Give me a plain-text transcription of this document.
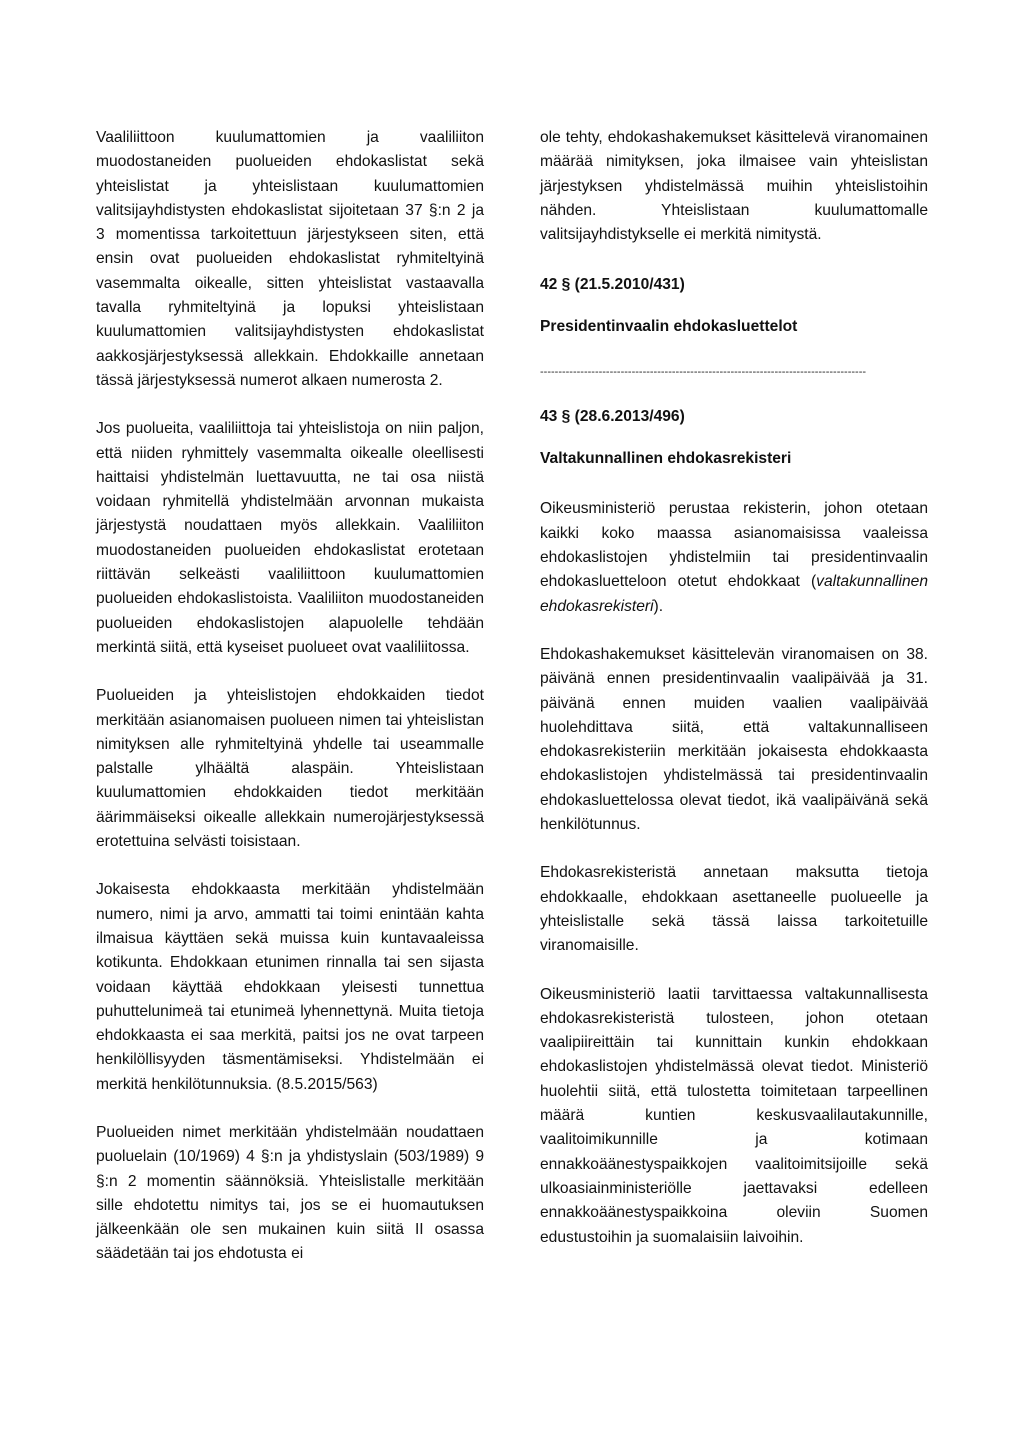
Vaaliliittoon kuulumattomien ja vaaliliiton muodostaneiden puolueiden ehdokaslistat sekä yhteislistat ja yhteislistaan kuulumattomien valitsijayhdistysten ehdokaslistat sijoitetaan 37 §:n 2 ja 3 momentissa tarkoitettuun järjestykseen siten, että ensin ovat puolueiden ehdokaslistat ryhmiteltyinä vasemmalta oikealle, sitten yhteislistat vastaavalla tavalla ryhmiteltyinä ja lopuksi yhteislistaan kuulumattomien valitsijayhdistysten ehdokaslistat aakkosjärjestyksessä allekkain. Ehdokkaille annetaan tässä järjestyksessä numerot alkaen numerosta 2.

Jos puolueita, vaaliliittoja tai yhteislistoja on niin paljon, että niiden ryhmittely vasemmalta oikealle oleellisesti haittaisi yhdistelmän luettavuutta, ne tai osa niistä voidaan ryhmitellä yhdistelmään arvonnan mukaista järjestystä noudattaen myös allekkain. Vaaliliiton muodostaneiden puolueiden ehdokaslistat erotetaan riittävän selkeästi vaaliliittoon kuulumattomien puolueiden ehdokaslistoista. Vaaliliiton muodostaneiden puolueiden ehdokaslistojen alapuolelle tehdään merkintä siitä, että kyseiset puolueet ovat vaaliliitossa.

Puolueiden ja yhteislistojen ehdokkaiden tiedot merkitään asianomaisen puolueen nimen tai yhteislistan nimityksen alle ryhmiteltyinä yhdelle tai useammalle palstalle ylhäältä alaspäin. Yhteislistaan kuulumattomien ehdokkaiden tiedot merkitään äärimmäiseksi oikealle allekkain numerojärjestyksessä erotettuina selvästi toisistaan.

Jokaisesta ehdokkaasta merkitään yhdistelmään numero, nimi ja arvo, ammatti tai toimi enintään kahta ilmaisua käyttäen sekä muissa kuin kuntavaaleissa kotikunta. Ehdokkaan etunimen rinnalla tai sen sijasta voidaan käyttää ehdokkaan yleisesti tunnettua puhuttelunimeä tai etunimeä lyhennettynä. Muita tietoja ehdokkaasta ei saa merkitä, paitsi jos ne ovat tarpeen henkilöllisyyden täsmentämiseksi. Yhdistelmään ei merkitä henkilötunnuksia. (8.5.2015/563)

Puolueiden nimet merkitään yhdistelmään noudattaen puoluelain (10/1969) 4 §:n ja yhdistyslain (503/1989) 9 §:n 2 momentin säännöksiä. Yhteislistalle merkitään sille ehdotettu nimitys tai, jos se ei huomautuksen jälkeenkään ole sen mukainen kuin siitä II osassa säädetään tai jos ehdotusta ei

ole tehty, ehdokashakemukset käsittelevä viranomainen määrää nimityksen, joka ilmaisee vain yhteislistan järjestyksen yhdistelmässä muihin yhteislistoihin nähden. Yhteislistaan kuulumattomalle valitsijayhdistykselle ei merkitä nimitystä.

42 § (21.5.2010/431)
Presidentinvaalin ehdokasluettelot
-----------------------------------------------------------------------------------------
43 § (28.6.2013/496)
Valtakunnallinen ehdokasrekisteri

Oikeusministeriö perustaa rekisterin, johon otetaan kaikki koko maassa asianomaisissa vaaleissa ehdokaslistojen yhdistelmiin tai presidentinvaalin ehdokasluetteloon otetut ehdokkaat (valtakunnallinen ehdokasrekisteri).

Ehdokashakemukset käsittelevän viranomaisen on 38. päivänä ennen presidentinvaalin vaalipäivää ja 31. päivänä ennen muiden vaalien vaalipäivää huolehdittava siitä, että valtakunnalliseen ehdokasrekisteriin merkitään jokaisesta ehdokkaasta ehdokaslistojen yhdistelmässä tai presidentinvaalin ehdokasluettelossa olevat tiedot, ikä vaalipäivänä sekä henkilötunnus.

Ehdokasrekisteristä annetaan maksutta tietoja ehdokkaalle, ehdokkaan asettaneelle puolueelle ja yhteislistalle sekä tässä laissa tarkoitetuille viranomaisille.

Oikeusministeriö laatii tarvittaessa valtakunnallisesta ehdokasrekisteristä tulosteen, johon otetaan vaalipiireittäin tai kunnittain kunkin ehdokkaan ehdokaslistojen yhdistelmässä olevat tiedot. Ministeriö huolehtii siitä, että tulostetta toimitetaan tarpeellinen määrä kuntien keskusvaalilautakunnille, vaalitoimikunnille ja kotimaan ennakkoäänestyspaikkojen vaalitoimitsijoille sekä ulkoasiainministeriölle jaettavaksi edelleen ennakkoäänestyspaikkoina oleviin Suomen edustustoihin ja suomalaisiin laivoihin.
